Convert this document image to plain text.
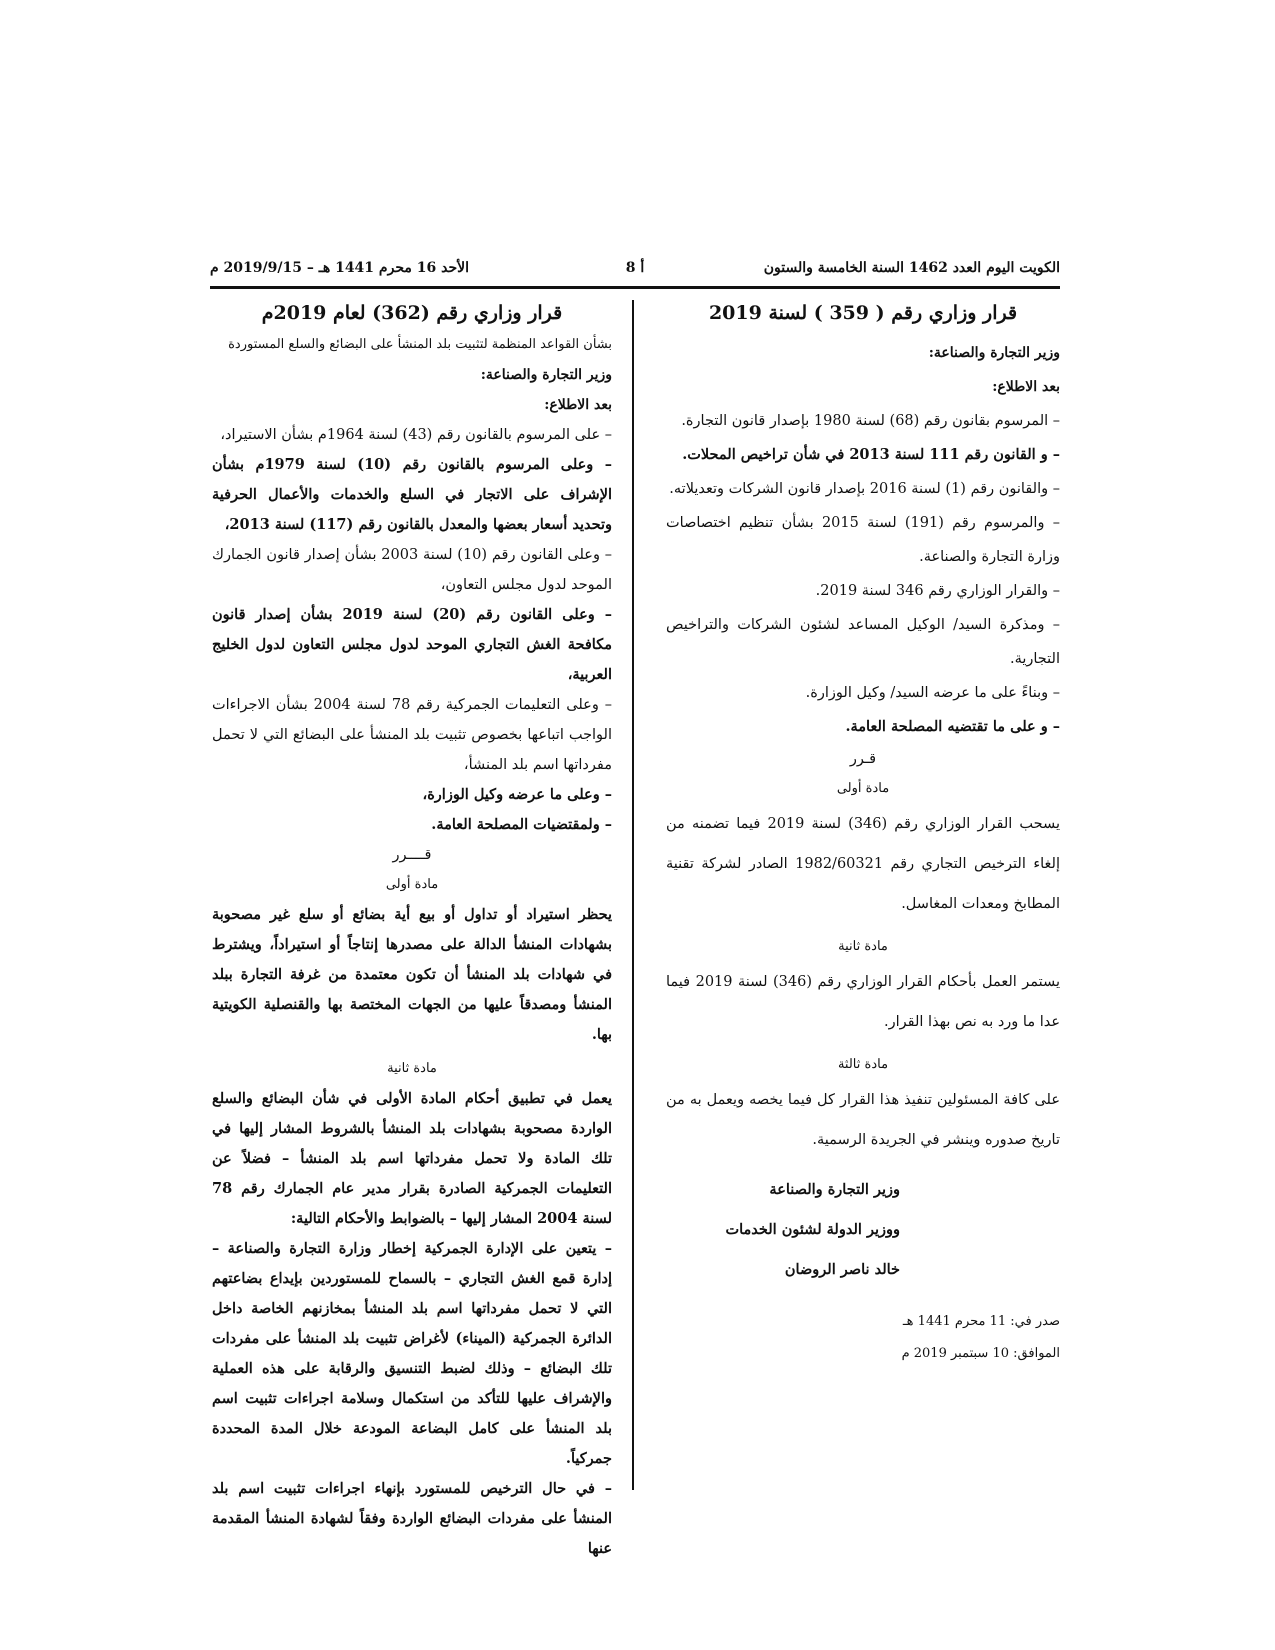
الكويت اليوم العدد 1462 السنة الخامسة والستون
أ 8
الأحد 16 محرم 1441 هـ – 2019/9/15 م
قرار وزاري رقم ( 359 ) لسنة 2019

وزير التجارة والصناعة:

بعد الاطلاع:

– المرسوم بقانون رقم (68) لسنة 1980 بإصدار قانون التجارة.

– و القانون رقم 111 لسنة 2013 في شأن تراخيص المحلات.

– والقانون رقم (1) لسنة 2016 بإصدار قانون الشركات وتعديلاته.

– والمرسوم رقم (191) لسنة 2015 بشأن تنظيم اختصاصات وزارة التجارة والصناعة.

– والقرار الوزاري رقم 346 لسنة 2019.

– ومذكرة السيد/ الوكيل المساعد لشئون الشركات والتراخيص التجارية.

– وبناءً على ما عرضه السيد/ وكيل الوزارة.

– و على ما تقتضيه المصلحة العامة.

قـرر

مادة أولى

يسحب القرار الوزاري رقم (346) لسنة 2019 فيما تضمنه من إلغاء الترخيص التجاري رقم 1982/60321 الصادر لشركة تقنية المطابخ ومعدات المغاسل.

مادة ثانية

يستمر العمل بأحكام القرار الوزاري رقم (346) لسنة 2019 فيما عدا ما ورد به نص بهذا القرار.

مادة ثالثة

على كافة المسئولين تنفيذ هذا القرار كل فيما يخصه ويعمل به من تاريخ صدوره وينشر في الجريدة الرسمية.

وزير التجارة والصناعة

ووزير الدولة لشئون الخدمات

خالد ناصر الروضان

صدر في: 11 محرم 1441 هـ

الموافق: 10 سبتمبر 2019 م

قرار وزاري رقم (362) لعام 2019م

بشأن القواعد المنظمة لتثبيت بلد المنشأ على البضائع والسلع المستوردة

وزير التجارة والصناعة:

بعد الاطلاع:

– على المرسوم بالقانون رقم (43) لسنة 1964م بشأن الاستيراد،

– وعلى المرسوم بالقانون رقم (10) لسنة 1979م بشأن الإشراف على الاتجار في السلع والخدمات والأعمال الحرفية وتحديد أسعار بعضها والمعدل بالقانون رقم (117) لسنة 2013،

– وعلى القانون رقم (10) لسنة 2003 بشأن إصدار قانون الجمارك الموحد لدول مجلس التعاون،

– وعلى القانون رقم (20) لسنة 2019 بشأن إصدار قانون مكافحة الغش التجاري الموحد لدول مجلس التعاون لدول الخليج العربية،

– وعلى التعليمات الجمركية رقم 78 لسنة 2004 بشأن الاجراءات الواجب اتباعها بخصوص تثبيت بلد المنشأ على البضائع التي لا تحمل مفرداتها اسم بلد المنشأ،

– وعلى ما عرضه وكيل الوزارة،

– ولمقتضيات المصلحة العامة.

قــــرر

مادة أولى

يحظر استيراد أو تداول أو بيع أية بضائع أو سلع غير مصحوبة بشهادات المنشأ الدالة على مصدرها إنتاجاً أو استيراداً، ويشترط في شهادات بلد المنشأ أن تكون معتمدة من غرفة التجارة ببلد المنشأ ومصدقاً عليها من الجهات المختصة بها والقنصلية الكويتية بها.

مادة ثانية

يعمل في تطبيق أحكام المادة الأولى في شأن البضائع والسلع الواردة مصحوبة بشهادات بلد المنشأ بالشروط المشار إليها في تلك المادة ولا تحمل مفرداتها اسم بلد المنشأ – فضلاً عن التعليمات الجمركية الصادرة بقرار مدير عام الجمارك رقم 78 لسنة 2004 المشار إليها – بالضوابط والأحكام التالية:

– يتعين على الإدارة الجمركية إخطار وزارة التجارة والصناعة – إدارة قمع الغش التجاري – بالسماح للمستوردين بإيداع بضاعتهم التي لا تحمل مفرداتها اسم بلد المنشأ بمخازنهم الخاصة داخل الدائرة الجمركية (الميناء) لأغراض تثبيت بلد المنشأ على مفردات تلك البضائع – وذلك لضبط التنسيق والرقابة على هذه العملية والإشراف عليها للتأكد من استكمال وسلامة اجراءات تثبيت اسم بلد المنشأ على كامل البضاعة المودعة خلال المدة المحددة جمركياً.

– في حال الترخيص للمستورد بإنهاء اجراءات تثبيت اسم بلد المنشأ على مفردات البضائع الواردة وفقاً لشهادة المنشأ المقدمة عنها
